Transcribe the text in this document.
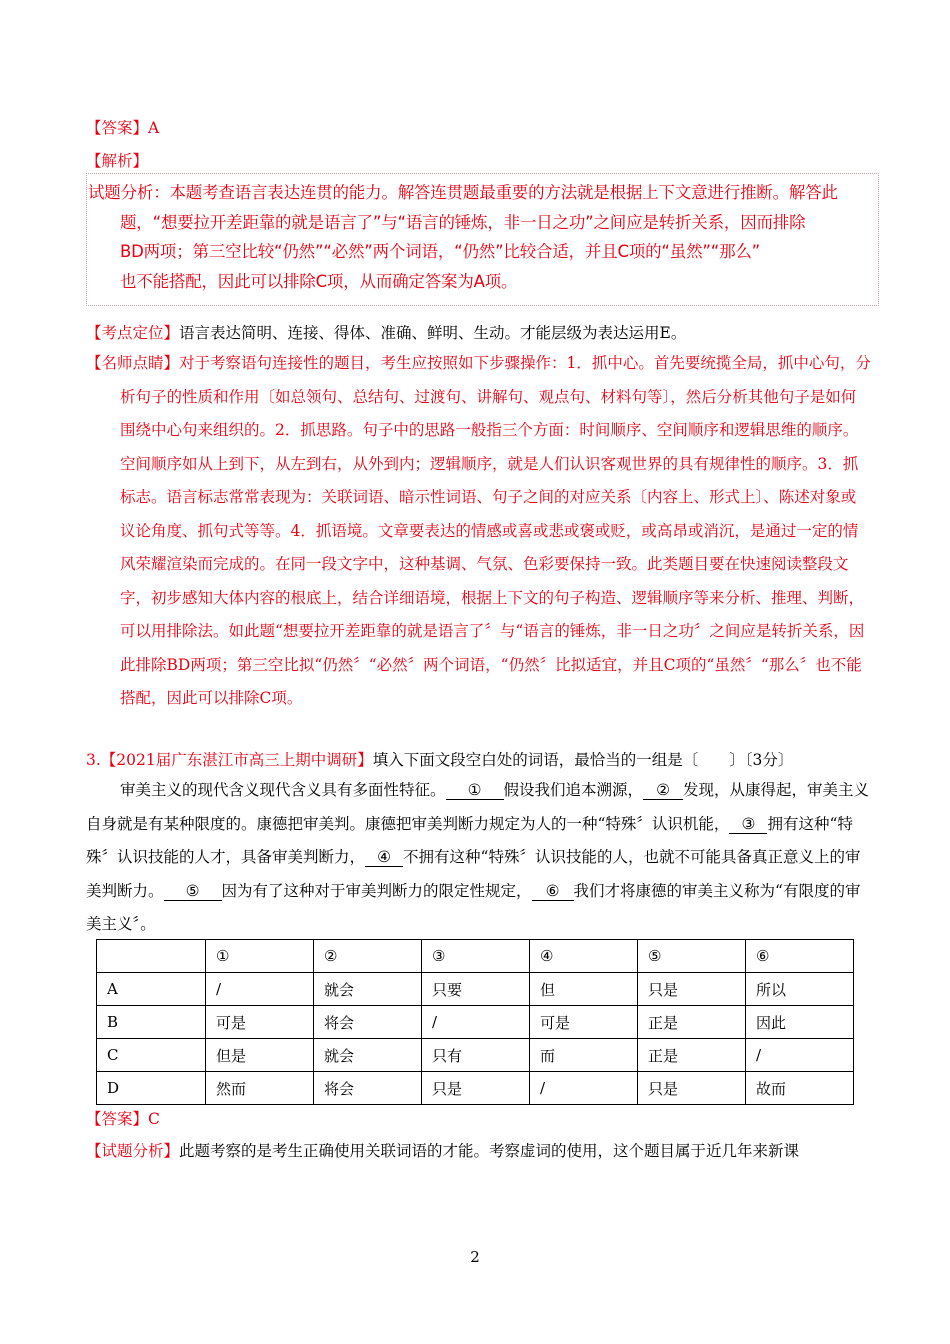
【答案】A
【解析】
试题分析：本题考查语言表达连贯的能力。解答连贯题最重要的方法就是根据上下文意进行推断。解答此
题，“想要拉开差距靠的就是语言了”与“语言的锤炼，非一日之功”之间应是转折关系，因而排除
BD两项；第三空比较“仍然”“必然”两个词语，“仍然”比较合适，并且C项的“虽然”“那么”
也不能搭配，因此可以排除C项，从而确定答案为A项。
【考点定位】语言表达简明、连接、得体、准确、鲜明、生动。才能层级为表达运用E。
【名师点睛】对于考察语句连接性的题目，考生应按照如下步骤操作：1．抓中心。首先要统揽全局，抓中心句，分析句子的性质和作用〔如总领句、总结句、过渡句、讲解句、观点句、材料句等〕，然后分析其他句子是如何围绕中心句来组织的。2．抓思路。句子中的思路一般指三个方面：时间顺序、空间顺序和逻辑思维的顺序。空间顺序如从上到下，从左到右，从外到内；逻辑顺序，就是人们认识客观世界的具有规律性的顺序。3．抓标志。语言标志常常表现为：关联词语、暗示性词语、句子之间的对应关系〔内容上、形式上〕、陈述对象或议论角度、抓句式等等。4．抓语境。文章要表达的情感或喜或悲或褒或贬，或高昂或消沉，是通过一定的情风荣耀渲染而完成的。在同一段文字中，这种基调、气氛、色彩要保持一致。此类题目要在快速阅读整段文字，初步感知大体内容的根底上，结合详细语境，根据上下文的句子构造、逻辑顺序等来分析、推理、判断，可以用排除法。如此题“想要拉开差距靠的就是语言了〞与“语言的锤炼，非一日之功〞之间应是转折关系，因此排除BD两项；第三空比拟“仍然〞“必然〞两个词语，“仍然〞比拟适宜，并且C项的“虽然〞“那么〞也不能搭配，因此可以排除C项。
3.【2021届广东湛江市高三上期中调研】填入下面文段空白处的词语，最恰当的一组是〔　　〕〔3分〕
审美主义的现代含义现代含义具有多面性特征。 ① 假设我们追本溯源， ② 发现，从康得起，审美主义自身就是有某种限度的。康德把审美判。康德把审美判断力规定为人的一种“特殊〞认识机能， ③ 拥有这种“特殊〞认识技能的人才，具备审美判断力， ④ 不拥有这种“特殊〞认识技能的人，也就不可能具备真正意义上的审美判断力。 ⑤ 因为有了这种对于审美判断力的限定性规定， ⑥ 我们才将康德的审美主义称为“有限度的审美主义〞。
	①	②	③	④	⑤	⑥
A	/	就会	只要	但	只是	所以
B	可是	将会	/	可是	正是	因此
C	但是	就会	只有	而	正是	/
D	然而	将会	只是	/	只是	故而
【答案】C
【试题分析】此题考察的是考生正确使用关联词语的才能。考察虚词的使用，这个题目属于近几年来新课
2
